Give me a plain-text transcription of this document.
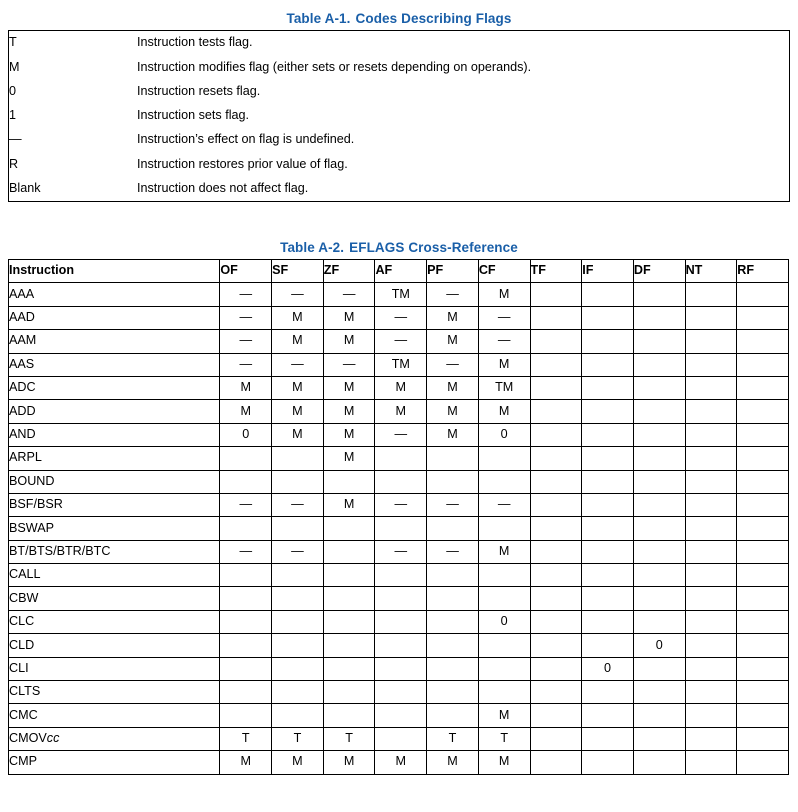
Table A-1. Codes Describing Flags
T	Instruction tests flag.
M	Instruction modifies flag (either sets or resets depending on operands).
0	Instruction resets flag.
1	Instruction sets flag.
—	Instruction’s effect on flag is undefined.
R	Instruction restores prior value of flag.
Blank	Instruction does not affect flag.
Table A-2. EFLAGS Cross-Reference
Instruction	OF	SF	ZF	AF	PF	CF	TF	IF	DF	NT	RF
AAA	—	—	—	TM	—	M					
AAD	—	M	M	—	M	—					
AAM	—	M	M	—	M	—					
AAS	—	—	—	TM	—	M					
ADC	M	M	M	M	M	TM					
ADD	M	M	M	M	M	M					
AND	0	M	M	—	M	0					
ARPL			M								
BOUND											
BSF/BSR	—	—	M	—	—	—					
BSWAP											
BT/BTS/BTR/BTC	—	—		—	—	M					
CALL											
CBW											
CLC						0					
CLD									0		
CLI								0			
CLTS											
CMC						M					
CMOVcc	T	T	T		T	T					
CMP	M	M	M	M	M	M					
